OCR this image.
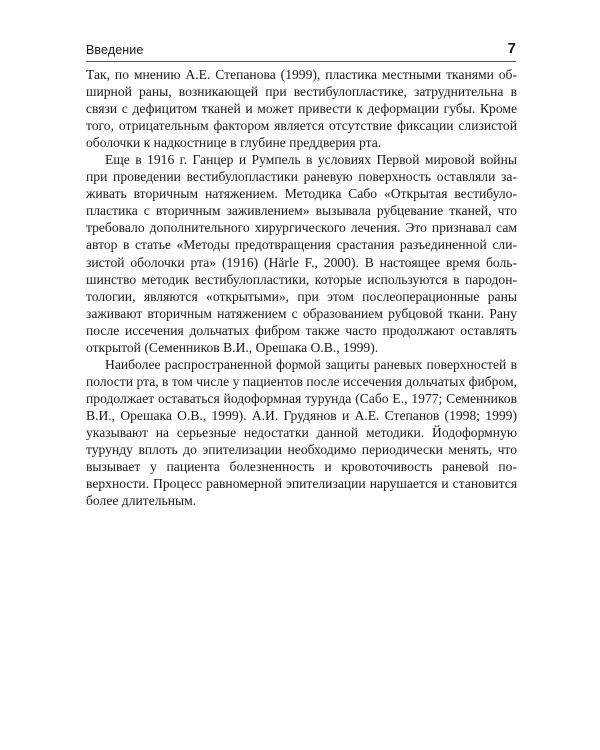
Введение	7

Так, по мнению А.Е. Степанова (1999), пластика местными тканями обширной раны, возникающей при вестибулопластике, затруднительна в связи с дефицитом тканей и может привести к деформации губы. Кроме того, отрицательным фактором является отсутствие фиксации слизистой оболочки к надкостнице в глубине преддверия рта.

Еще в 1916 г. Ганцер и Румпель в условиях Первой мировой войны при проведении вестибулопластики раневую поверхность оставляли заживать вторичным натяжением. Методика Сабо «Открытая вестибулопластика с вторичным заживлением» вызывала рубцевание тканей, что требовало дополнительного хирургического лечения. Это признавал сам автор в статье «Методы предотвращения срастания разъединенной слизистой оболочки рта» (1916) (Härle F., 2000). В настоящее время большинство методик вестибулопластики, которые используются в пародонтологии, являются «открытыми», при этом послеоперационные раны заживают вторичным натяжением с образованием рубцовой ткани. Рану после иссечения дольчатых фибром также часто продолжают оставлять открытой (Семенников В.И., Орешака О.В., 1999).

Наиболее распространенной формой защиты раневых поверхностей в полости рта, в том числе у пациентов после иссечения дольчатых фибром, продолжает оставаться йодоформная турунда (Сабо Е., 1977; Семенников В.И., Орешака О.В., 1999). А.И. Грудянов и А.Е. Степанов (1998; 1999) указывают на серьезные недостатки данной методики. Йодоформную турунду вплоть до эпителизации необходимо периодически менять, что вызывает у пациента болезненность и кровоточивость раневой поверхности. Процесс равномерной эпителизации нарушается и становится более длительным.
